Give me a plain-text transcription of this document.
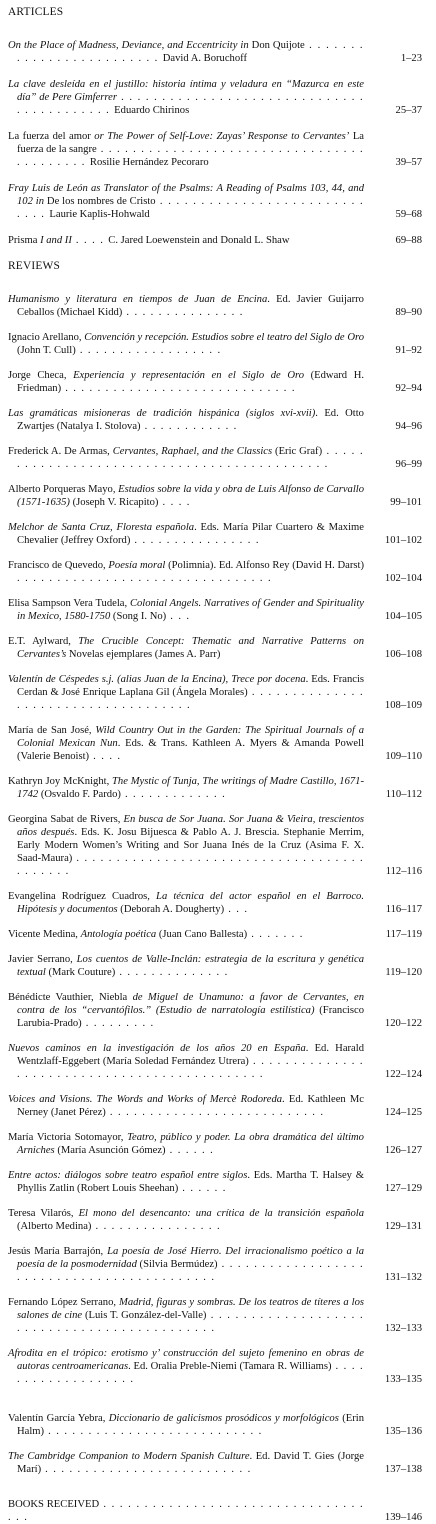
ARTICLES
On the Place of Madness, Deviance, and Eccentricity in Don Quijote . . . . . . . . . . . . . . . . . . . . . . . . . David A. Boruchoff	1–23
La clave desleída en el justillo: historia íntima y veladura en “Mazurca en este día” de Pere Gimferrer . . . . . . . . . . . . . . . . . . . . . . . . . . . . . . . . . . . . . . . . . . Eduardo Chirinos	25–37
La fuerza del amor or The Power of Self-Love: Zayas’ Response to Cervantes’ La fuerza de la sangre . . . . . . . . . . . . . . . . . . . . . . . . . . . . . . . . . . . . . . . . . . Rosilie Hernández Pecoraro	39–57
Fray Luis de León as Translator of the Psalms: A Reading of Psalms 103, 44, and 102 in De los nombres de Cristo . . . . . . . . . . . . . . . . . . . . . . . . . . . . . Laurie Kaplis-Hohwald	59–68
Prisma I and II . . . . C. Jared Loewenstein and Donald L. Shaw	69–88
REVIEWS
Humanismo y literatura en tiempos de Juan de Encina. Ed. Javier Guijarro Ceballos (Michael Kidd) . . . . . . . . . . . . . . .	89–90
Ignacio Arellano, Convención y recepción. Estudios sobre el teatro del Siglo de Oro (John T. Cull) . . . . . . . . . . . . . . . . . .	91–92
Jorge Checa, Experiencia y representación en el Siglo de Oro (Edward H. Friedman) . . . . . . . . . . . . . . . . . . . . . . . . . . . . .	92–94
Las gramáticas misioneras de tradición hispánica (siglos xvi-xvii). Ed. Otto Zwartjes (Natalya I. Stolova) . . . . . . . . . . . .	94–96
Frederick A. De Armas, Cervantes, Raphael, and the Classics (Eric Graf) . . . . . . . . . . . . . . . . . . . . . . . . . . . . . . . . . . . . . . . . . . . .	96–99
Alberto Porqueras Mayo, Estudios sobre la vida y obra de Luis Alfonso de Carvallo (1571-1635) (Joseph V. Ricapito) . . . .	99–101
Melchor de Santa Cruz, Floresta española. Eds. María Pilar Cuartero & Maxime Chevalier (Jeffrey Oxford) . . . . . . . . . . . . . . . .	101–102
Francisco de Quevedo, Poesía moral (Polimnia). Ed. Alfonso Rey (David H. Darst) . . . . . . . . . . . . . . . . . . . . . . . . . . . . . . . .	102–104
Elisa Sampson Vera Tudela, Colonial Angels. Narratives of Gender and Spirituality in Mexico, 1580-1750 (Song I. No) . . .	104–105
E.T. Aylward, The Crucible Concept: Thematic and Narrative Patterns on Cervantes’s Novelas ejemplares (James A. Parr)	106–108
Valentín de Céspedes s.j. (alias Juan de la Encina), Trece por docena. Eds. Francis Cerdan & José Enrique Laplana Gil (Ángela Morales) . . . . . . . . . . . . . . . . . . . . . . . . . . . . . . . . . . . .	108–109
María de San José, Wild Country Out in the Garden: The Spiritual Journals of a Colonial Mexican Nun. Eds. & Trans. Kathleen A. Myers & Amanda Powell (Valerie Benoist) . . . .	109–110
Kathryn Joy McKnight, The Mystic of Tunja, The writings of Madre Castillo, 1671-1742 (Osvaldo F. Pardo) . . . . . . . . . . . . .	110–112
Georgina Sabat de Rivers, En busca de Sor Juana. Sor Juana & Vieira, trescientos años después. Eds. K. Josu Bijuesca & Pablo A. J. Brescia. Stephanie Merrim, Early Modern Women’s Writing and Sor Juana Inés de la Cruz (Asima F. X. Saad-Maura) . . . . . . . . . . . . . . . . . . . . . . . . . . . . . . . . . . . . . . . . . . .	112–116
Evangelina Rodríguez Cuadros, La técnica del actor español en el Barroco. Hipótesis y documentos (Deborah A. Dougherty) . . .	116–117
Vicente Medina, Antología poética (Juan Cano Ballesta) . . . . . . .	117–119
Javier Serrano, Los cuentos de Valle-Inclán: estrategia de la escritura y genética textual (Mark Couture) . . . . . . . . . . . . . .	119–120
Bénédicte Vauthier, Niebla de Miguel de Unamuno: a favor de Cervantes, en contra de los “cervantófilos.” (Estudio de narratología estilística) (Francisco Larubia-Prado) . . . . . . . . .	120–122
Nuevos caminos en la investigación de los años 20 en España. Ed. Harald Wentzlaff-Eggebert (María Soledad Fernández Utrera) . . . . . . . . . . . . . . . . . . . . . . . . . . . . . . . . . . . . . . . . . . . . .	122–124
Voices and Visions. The Words and Works of Mercè Rodoreda. Ed. Kathleen Mc Nerney (Janet Pérez) . . . . . . . . . . . . . . . . . . . . . . . . . . .	124–125
María Victoria Sotomayor, Teatro, público y poder. La obra dramática del último Arniches (María Asunción Gómez) . . . . . .	126–127
Entre actos: diálogos sobre teatro español entre siglos. Eds. Martha T. Halsey & Phyllis Zatlin (Robert Louis Sheehan) . . . . . .	127–129
Teresa Vilarós, El mono del desencanto: una crítica de la transición española (Alberto Medina) . . . . . . . . . . . . . . . .	129–131
Jesús María Barrajón, La poesía de José Hierro. Del irracionalismo poético a la poesía de la posmodernidad (Silvia Bermúdez) . . . . . . . . . . . . . . . . . . . . . . . . . . . . . . . . . . . . . . . . . . .	131–132
Fernando López Serrano, Madrid, figuras y sombras. De los teatros de títeres a los salones de cine (Luis T. González-del-Valle) . . . . . . . . . . . . . . . . . . . . . . . . . . . . . . . . . . . . . . . . . . . .	132–133
Afrodita en el trópico: erotismo y’ construcción del sujeto femenino en obras de autoras centroamericanas. Ed. Oralia Preble-Niemi (Tamara R. Williams) . . . . . . . . . . . . . . . . . . .	133–135
Valentín García Yebra, Diccionario de galicismos prosódicos y morfológicos (Erin Halm) . . . . . . . . . . . . . . . . . . . . . . . . . . .	135–136
The Cambridge Companion to Modern Spanish Culture. Ed. David T. Gies (Jorge Marí) . . . . . . . . . . . . . . . . . . . . . . . . . .	137–138
BOOKS RECEIVED . . . . . . . . . . . . . . . . . . . . . . . . . . . . . . . . . . .	139–146
